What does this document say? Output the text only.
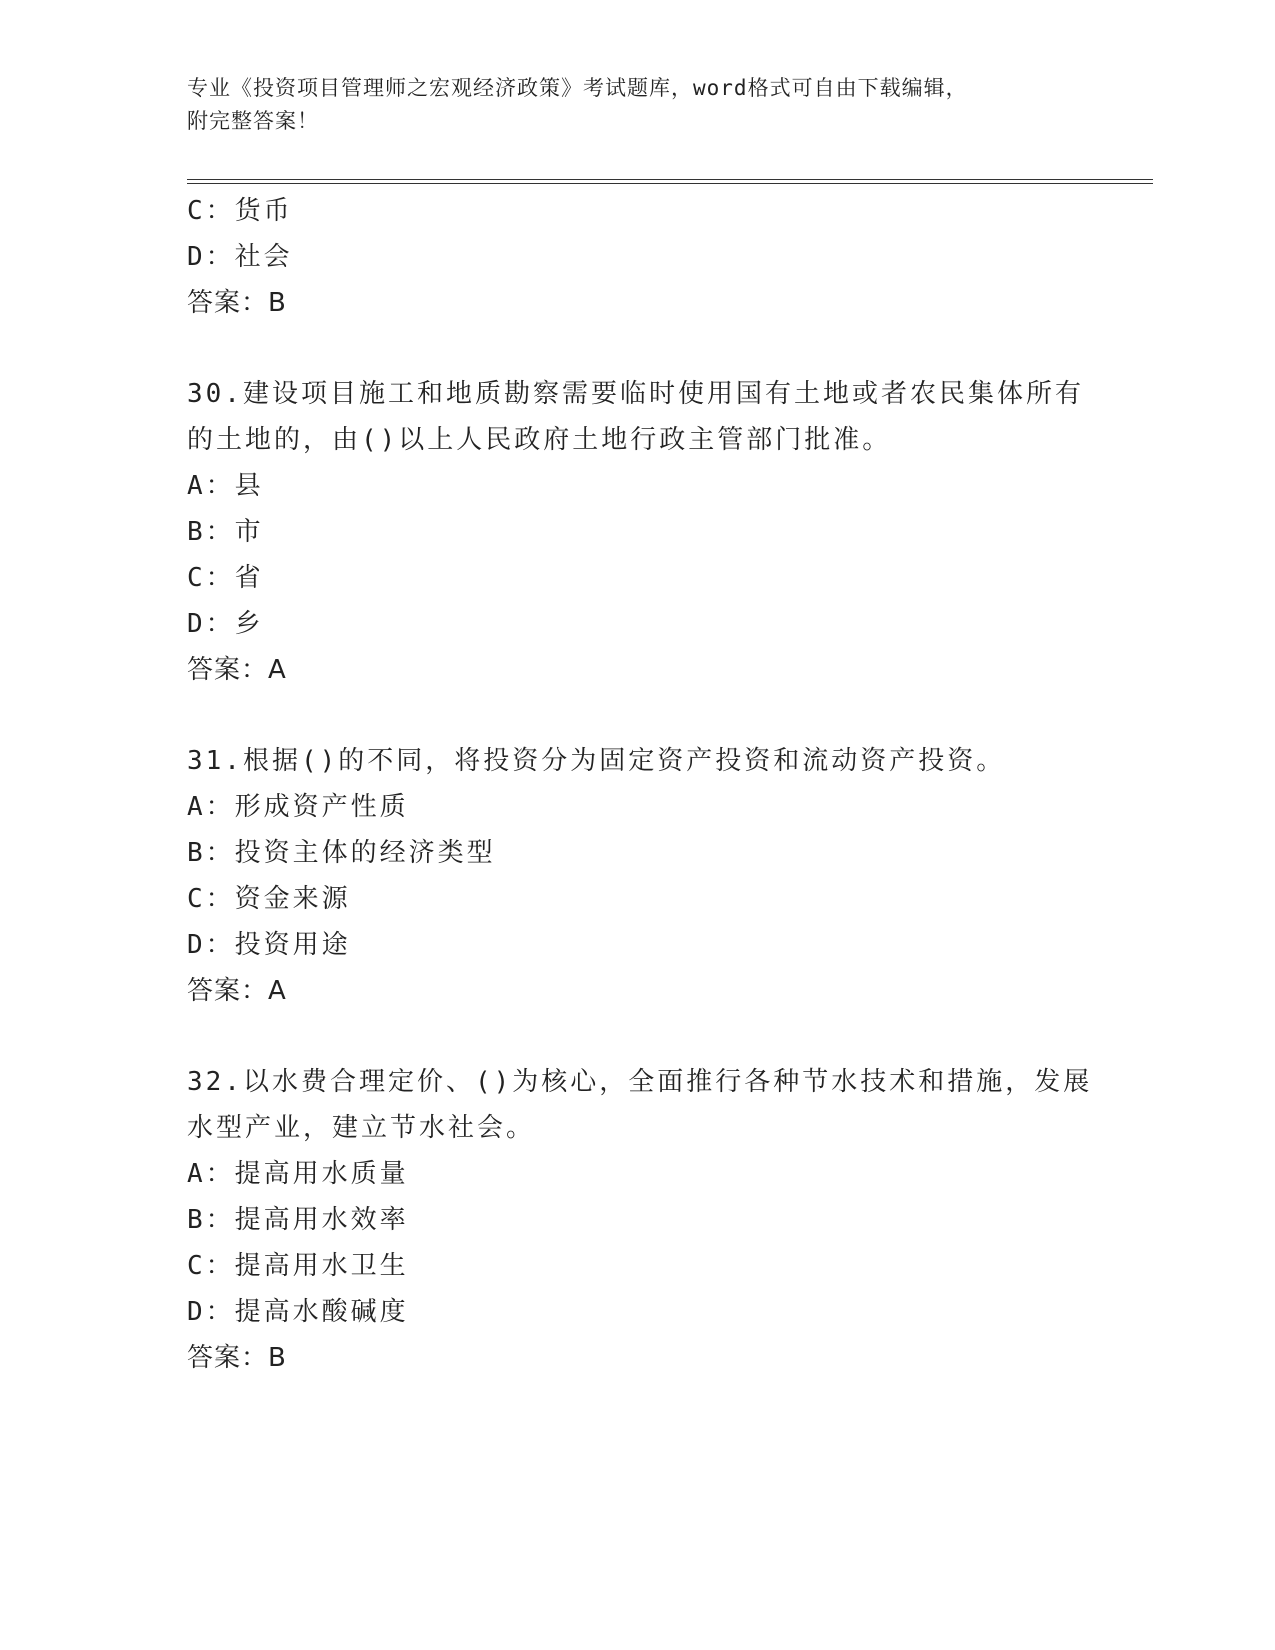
专业《投资项目管理师之宏观经济政策》考试题库，word格式可自由下载编辑，
附完整答案！
C：货币
D：社会
答案：B
30.建设项目施工和地质勘察需要临时使用国有土地或者农民集体所有
的土地的，由()以上人民政府土地行政主管部门批准。
A：县
B：市
C：省
D：乡
答案：A
31.根据()的不同，将投资分为固定资产投资和流动资产投资。
A：形成资产性质
B：投资主体的经济类型
C：资金来源
D：投资用途
答案：A
32.以水费合理定价、()为核心，全面推行各种节水技术和措施，发展
水型产业，建立节水社会。
A：提高用水质量
B：提高用水效率
C：提高用水卫生
D：提高水酸碱度
答案：B
